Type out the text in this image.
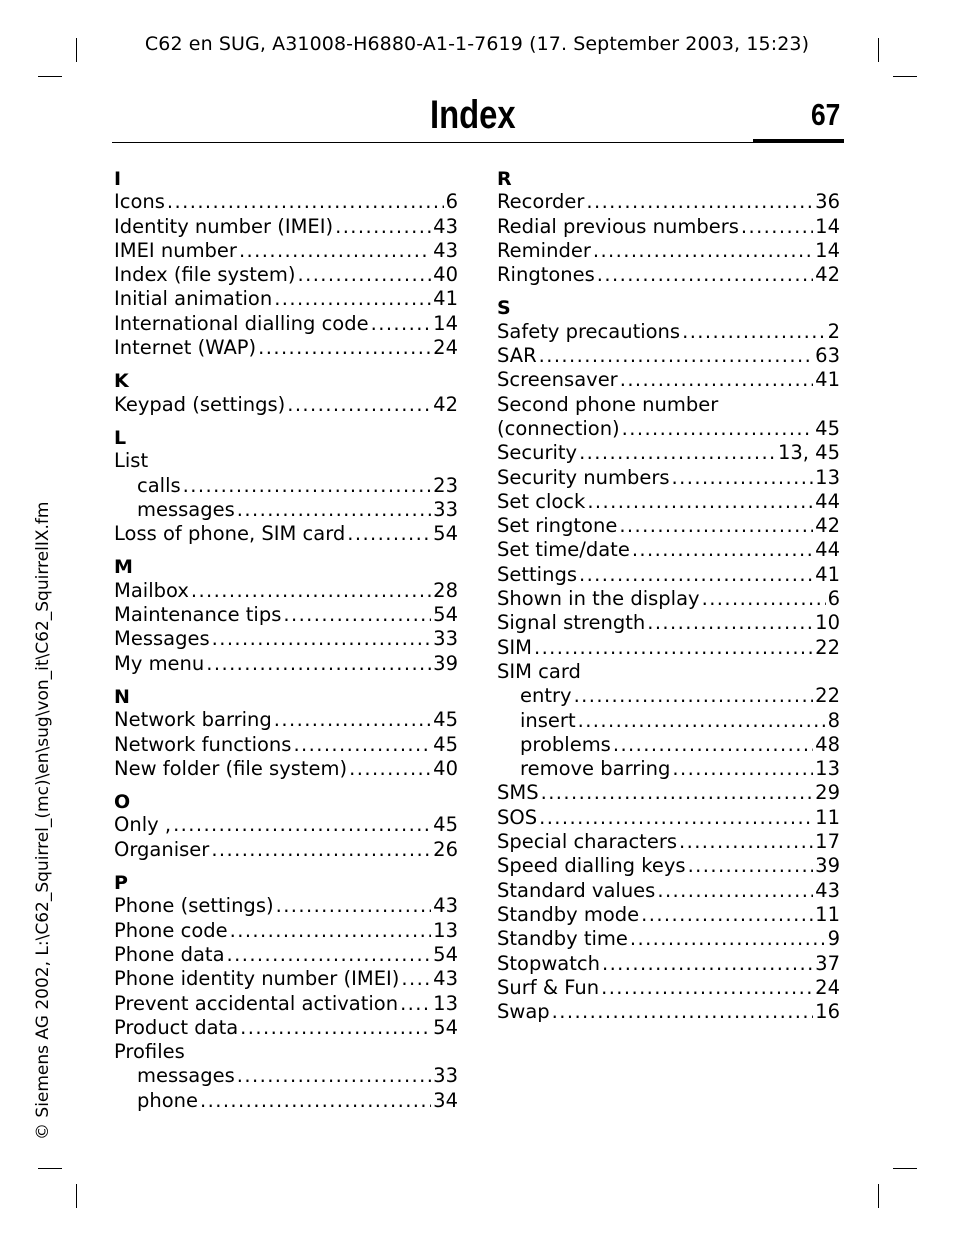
C62 en SUG, A31008-H6880-A1-1-7619 (17. September 2003, 15:23)
Index	67
© Siemens AG 2002, L:\C62_Squirrel_(mc)\en\sug\von_it\C62_SquirrelIX.fm
I
Icons .....	6
Identity number (IMEI) .....	43
IMEI number .....	43
Index (file system) .....	40
Initial animation .....	41
International dialling code .....	14
Internet (WAP) .....	24
K
Keypad (settings) .....	42
L
List
calls .....	23
messages .....	33
Loss of phone, SIM card .....	54
M
Mailbox .....	28
Maintenance tips .....	54
Messages .....	33
My menu .....	39
N
Network barring .....	45
Network functions .....	45
New folder (file system) .....	40
O
Only , .....	45
Organiser .....	26
P
Phone (settings) .....	43
Phone code .....	13
Phone data .....	54
Phone identity number (IMEI) ..... 43
Prevent accidental activation ..... 13
Product data .....	54
Profiles
messages .....	33
phone .....	34
R
Recorder .....	36
Redial previous numbers .....	14
Reminder .....	14
Ringtones .....	42
S
Safety precautions .....	2
SAR .....	63
Screensaver .....	41
Second phone number
(connection) .....	45
Security .....	13, 45
Security numbers .....	13
Set clock .....	44
Set ringtone .....	42
Set time/date .....	44
Settings .....	41
Shown in the display .....	6
Signal strength .....	10
SIM .....	22
SIM card
entry .....	22
insert .....	8
problems .....	48
remove barring .....	13
SMS .....	29
SOS .....	11
Special characters .....	17
Speed dialling keys .....	39
Standard values .....	43
Standby mode .....	11
Standby time .....	9
Stopwatch .....	37
Surf & Fun .....	24
Swap .....	16
